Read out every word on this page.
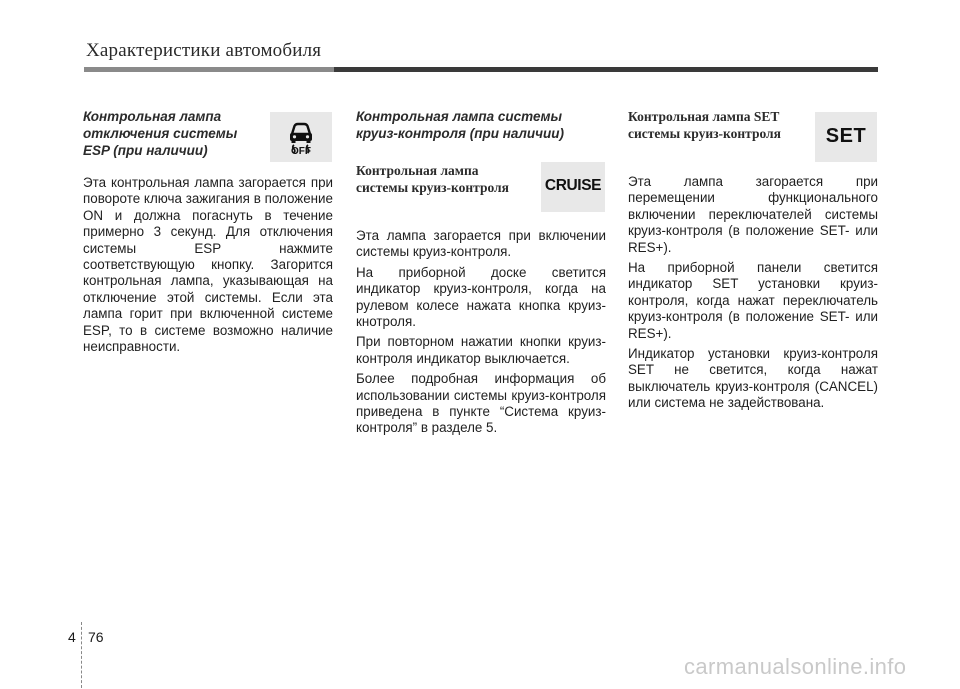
Характеристики автомобиля
Контрольная лампа
отключения системы
ESP (при наличии)
Эта контрольная лампа загорается при повороте ключа зажигания в положение ON и должна погаснуть в течение примерно 3 секунд. Для отключения системы ESP нажмите соответствующую кнопку. Загорится контрольная лампа, указывающая на отключение этой системы. Если эта лампа горит при включенной системе ESP, то в системе возможно наличие неисправности.
OFF
Контрольная лампа системы
круиз-контроля (при наличии)
Контрольная лампа
системы круиз-контроля
Эта лампа загорается при включении системы круиз-контроля.
На приборной доске светится индикатор круиз-контроля, когда на рулевом колесе нажата кнопка круиз-кнотроля.
При повторном нажатии кнопки круиз-контроля индикатор выключается.
Более подробная информация об использовании системы круиз-контроля приведена в пункте “Система круиз-контроля” в разделе 5.
CRUISE
Контрольная лампа SET
системы круиз-контроля
Эта лампа загорается при перемещении функционального включении переключателей системы круиз-контроля (в положение SET- или RES+).
На приборной панели светится индикатор SET установки круиз-контроля, когда нажат переключатель круиз-контроля (в положение SET- или RES+).
Индикатор установки круиз-контроля SET не светится, когда нажат выключатель круиз-контроля (CANCEL) или система не задействована.
SET
4 76
carmanualsonline.info
